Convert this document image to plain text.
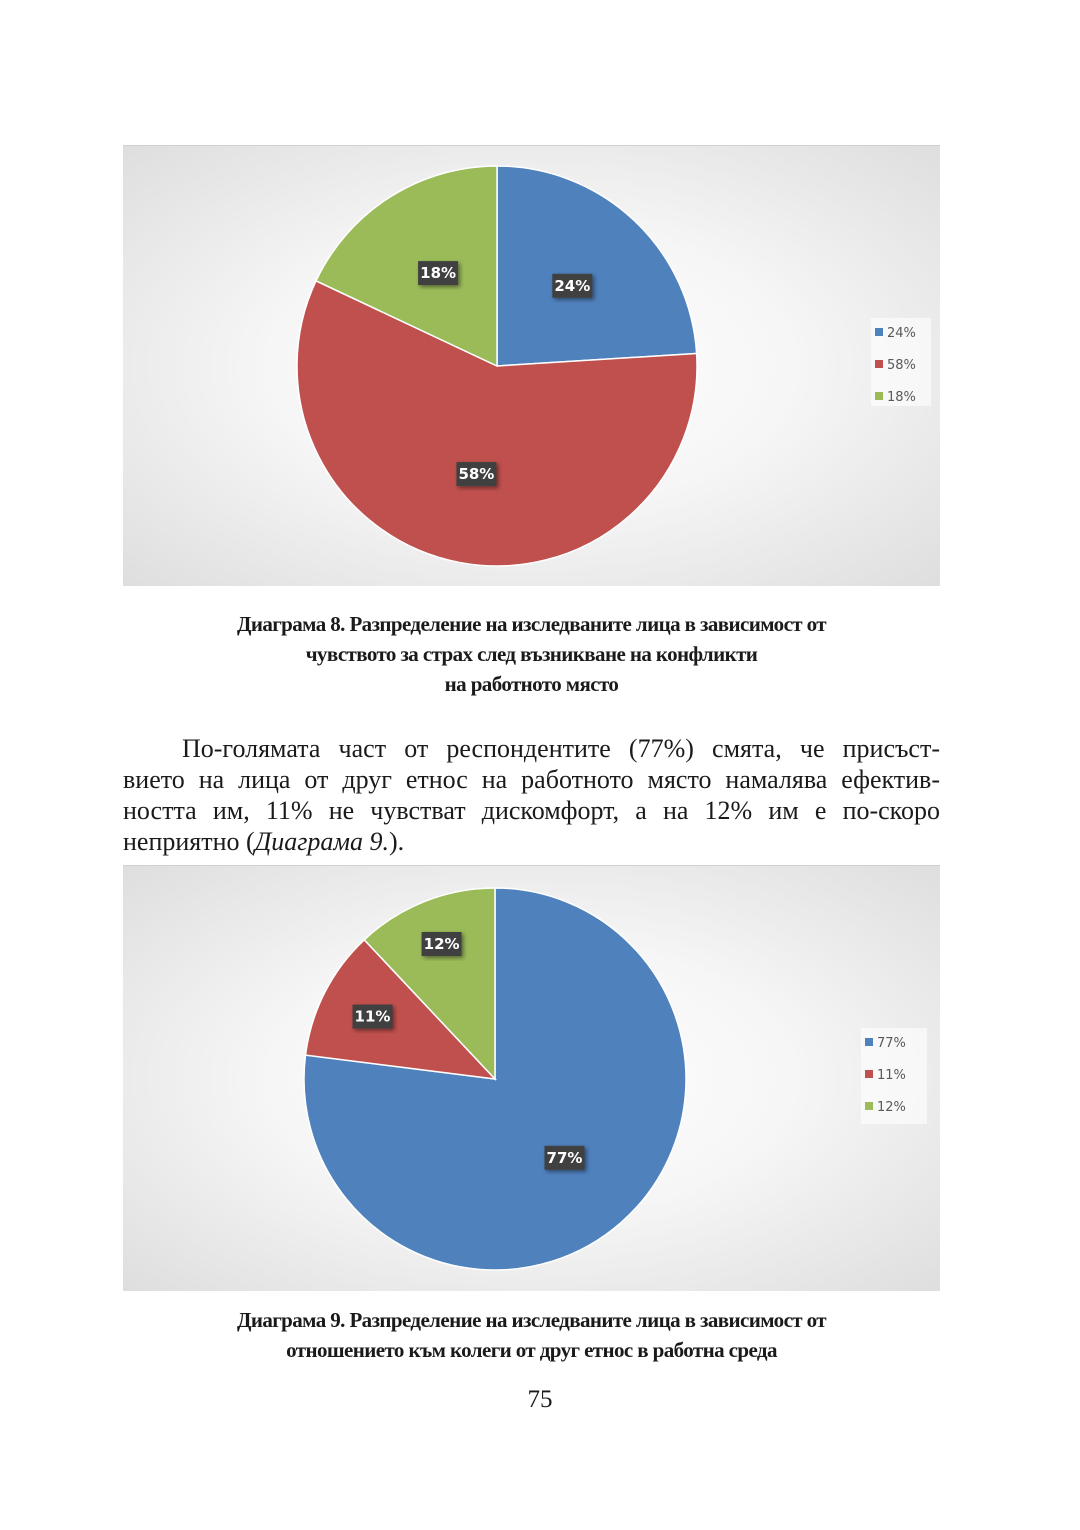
24%
58%
18%
24%
58%
18%
Диаграма 8. Разпределение на изследваните лица в зависимост от
чувството за страх след възникване на конфликти
на работното място
По-голямата част от респондентите (77%) смята, че присъст-
вието на лица от друг етнос на работното място намалява ефектив-
ността им, 11% не чувстват дискомфорт, а на 12% им е по-скоро
неприятно (Диаграма 9.).
77%
11%
12%
77%
11%
12%
Диаграма 9. Разпределение на изследваните лица в зависимост от
отношението към колеги от друг етнос в работна среда
75
